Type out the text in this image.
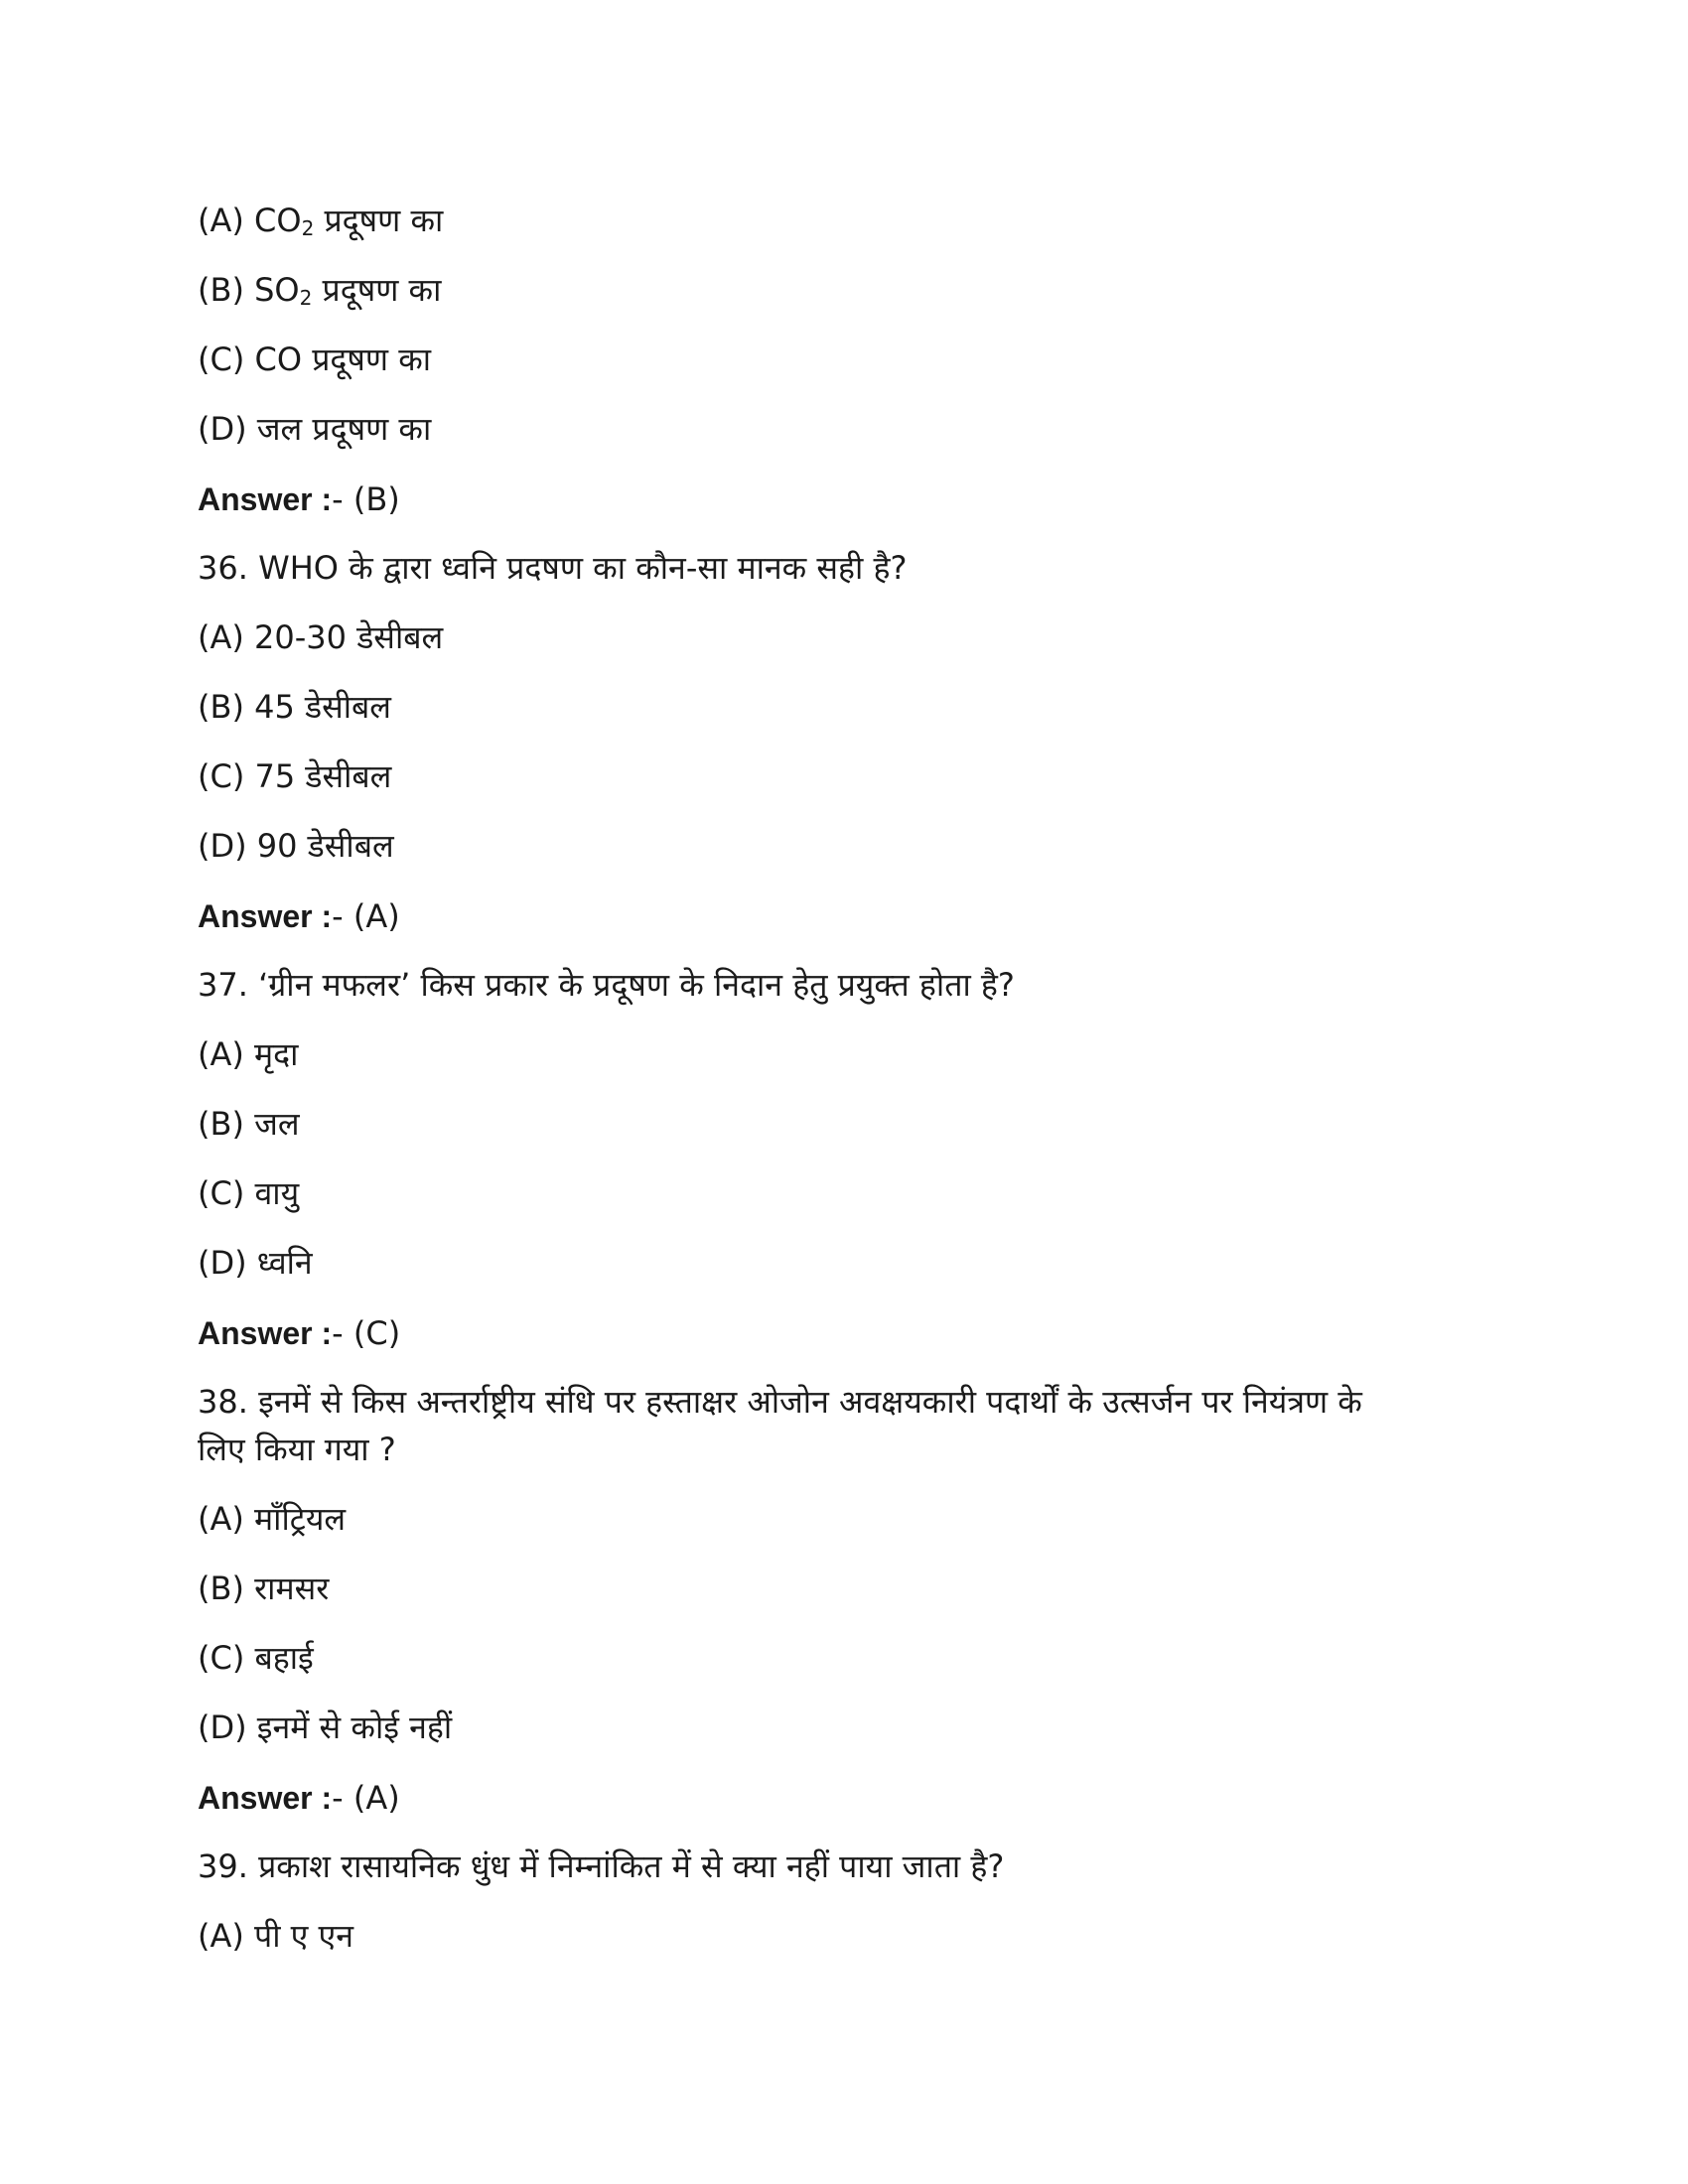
(A) $CO_2$ प्रदूषण का
(B) $SO_2$ प्रदूषण का
(C) CO प्रदूषण का
(D) जल प्रदूषण का
Answer :- (B)
36. WHO के द्वारा ध्वनि प्रदषण का कौन-सा मानक सही है?
(A) 20-30 डेसीबल
(B) 45 डेसीबल
(C) 75 डेसीबल
(D) 90 डेसीबल
Answer :- (A)
37. ‘ग्रीन मफलर’ किस प्रकार के प्रदूषण के निदान हेतु प्रयुक्त होता है?
(A) मृदा
(B) जल
(C) वायु
(D) ध्वनि
Answer :- (C)
38. इनमें से किस अन्तर्राष्ट्रीय संधि पर हस्ताक्षर ओजोन अवक्षयकारी पदार्थों के उत्सर्जन पर नियंत्रण के
लिए किया गया ?
(A) मॉंट्रियल
(B) रामसर
(C) बहाई
(D) इनमें से कोई नहीं
Answer :- (A)
39. प्रकाश रासायनिक धुंध में निम्नांकित में से क्या नहीं पाया जाता है?
(A) पी ए एन
